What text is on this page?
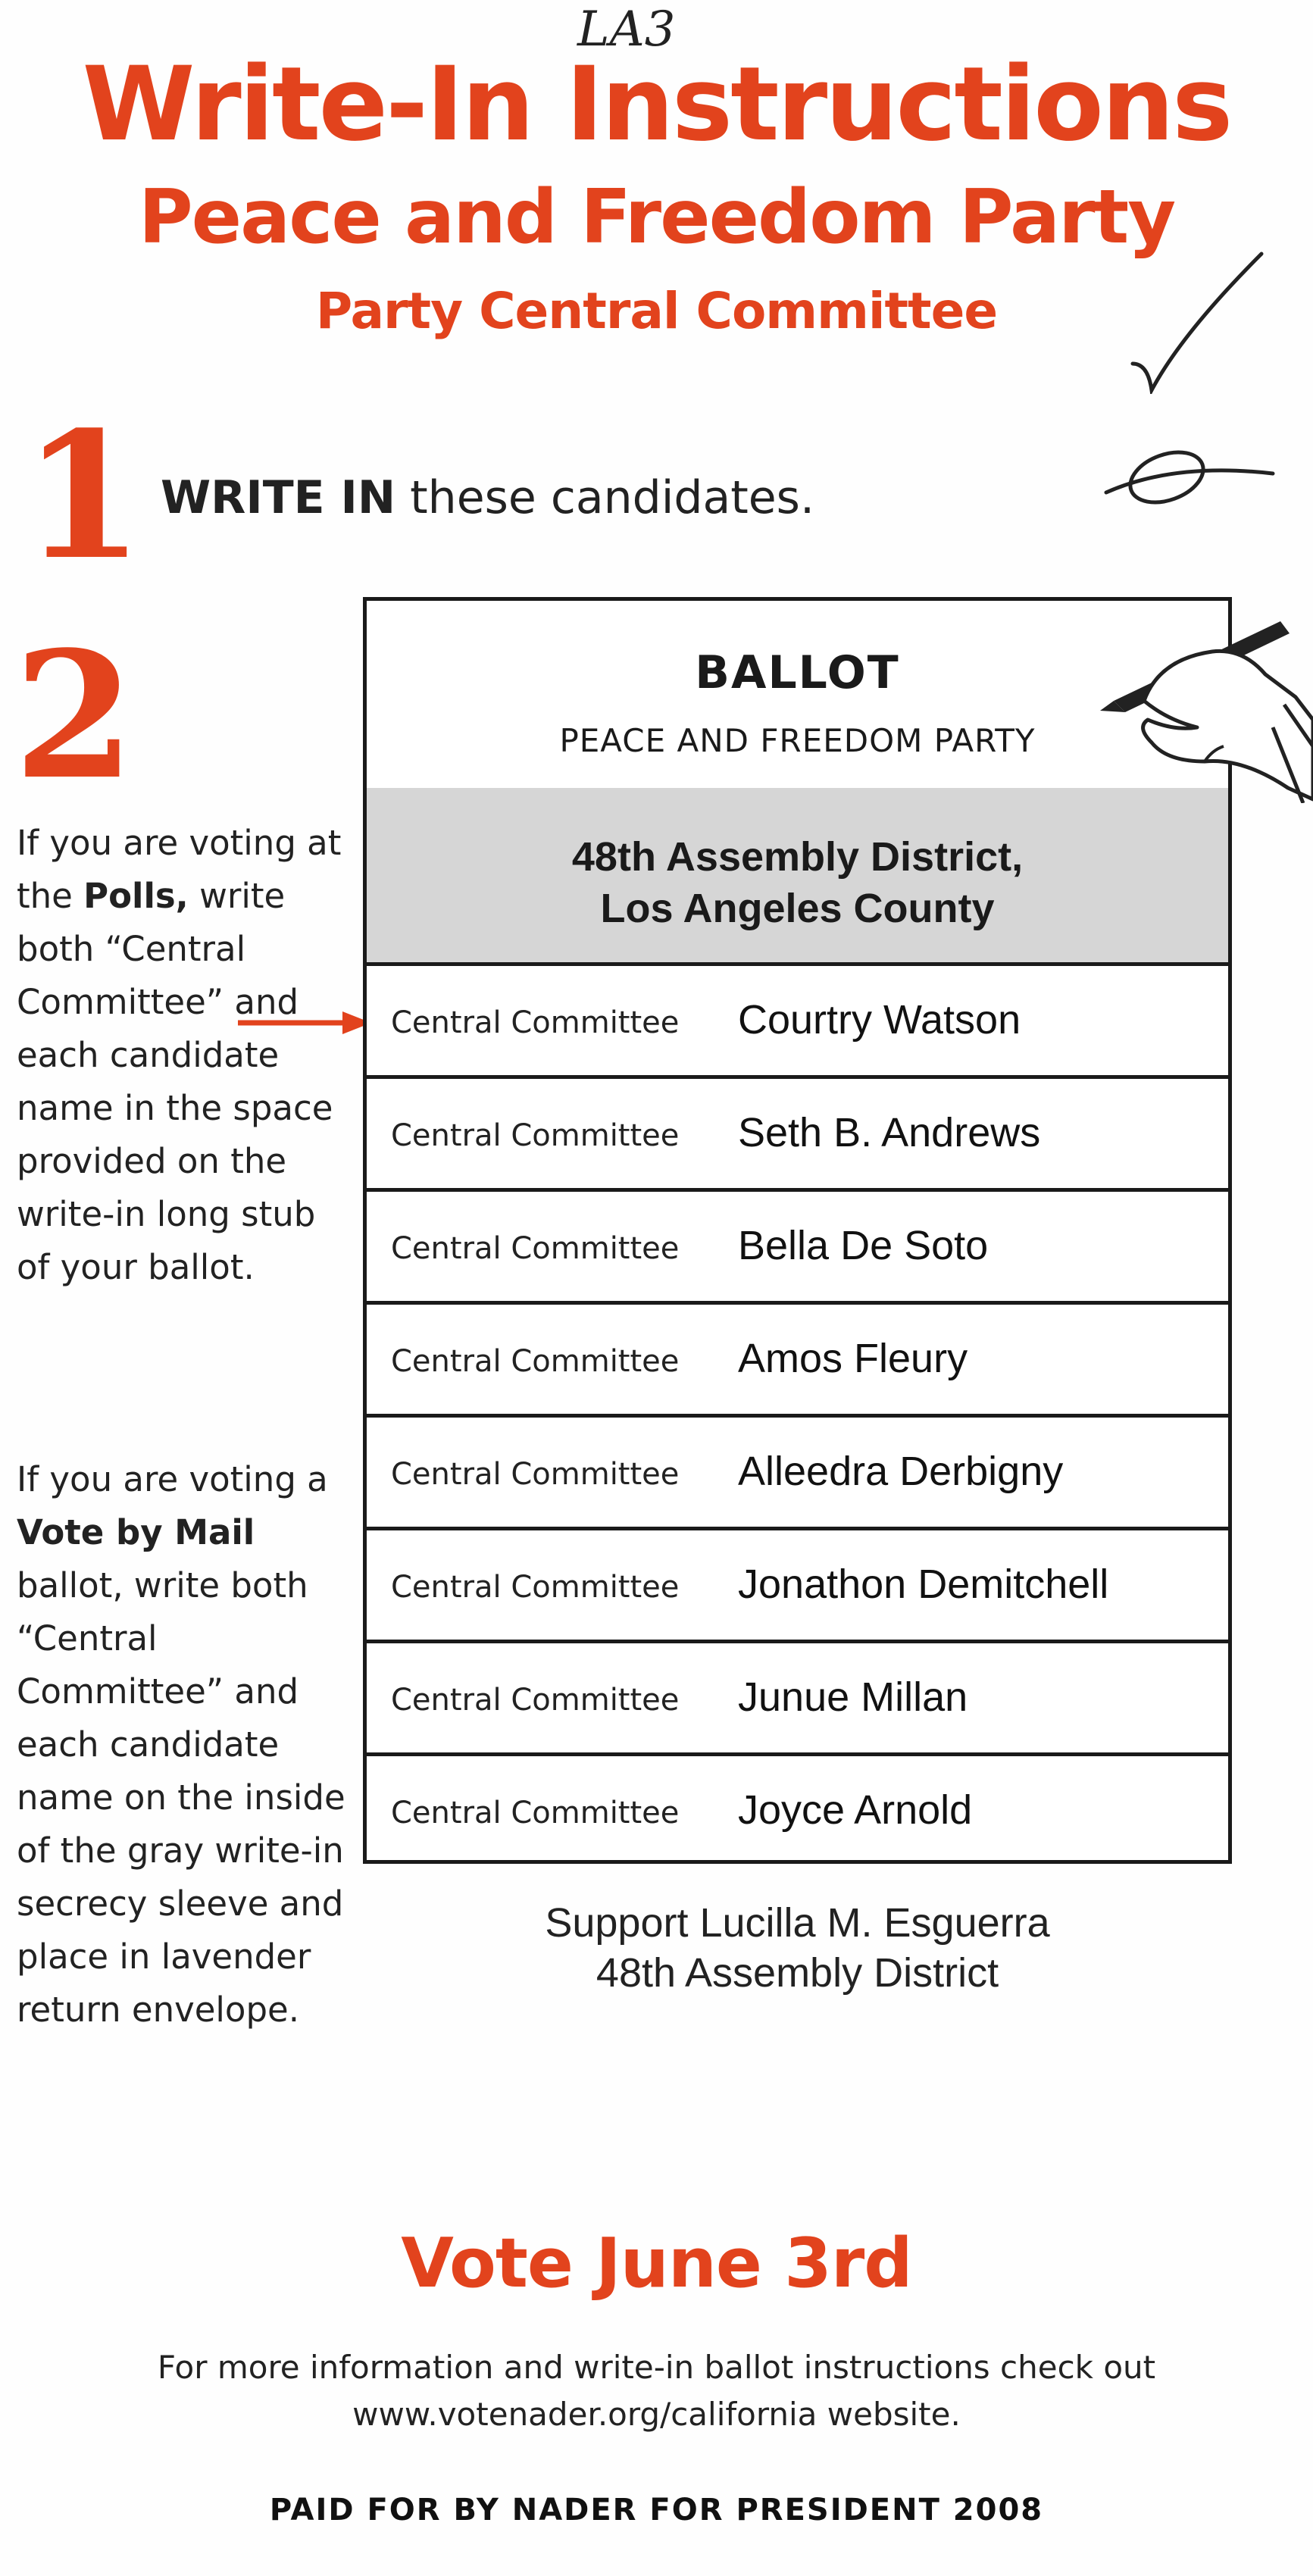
LA3
Write-In Instructions
Peace and Freedom Party
Party Central Committee
1 WRITE IN these candidates.
2
If you are voting at the Polls, write both “Central Committee” and each candidate name in the space provided on the write-in long stub of your ballot.
If you are voting a Vote by Mail ballot, write both “Central Committee” and each candidate name on the inside of the gray write-in secrecy sleeve and place in lavender return envelope.
BALLOT
PEACE AND FREEDOM PARTY
48th Assembly District,
Los Angeles County
Central Committee Courtry Watson
Central Committee Seth B. Andrews
Central Committee Bella De Soto
Central Committee Amos Fleury
Central Committee Alleedra Derbigny
Central Committee Jonathon Demitchell
Central Committee Junue Millan
Central Committee Joyce Arnold
Support Lucilla M. Esguerra
48th Assembly District
Vote June 3rd
For more information and write-in ballot instructions check out
www.votenader.org/california website.
PAID FOR BY NADER FOR PRESIDENT 2008
